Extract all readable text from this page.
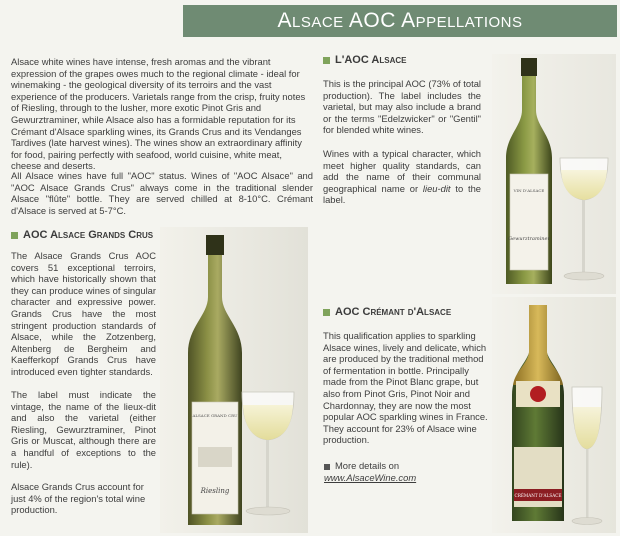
Alsace AOC Appellations

Alsace white wines have intense, fresh aromas and the vibrant expression of the grapes owes much to the regional climate - ideal for winemaking - the geological diversity of its terroirs and the vast experience of the producers. Varietals range from the crisp, fruity notes of Riesling, through to the lusher, more exotic Pinot Gris and Gewurztraminer, while Alsace also has a formidable reputation for its Crémant d'Alsace sparkling wines, its Grands Crus and its Vendanges Tardives (late harvest wines). The wines show an extraordinary affinity for food, pairing perfectly with seafood, world cuisine, white meat, cheese and deserts.

All Alsace wines have full "AOC" status. Wines of "AOC Alsace" and "AOC Alsace Grands Crus" always come in the traditional slender Alsace "flûte" bottle. They are served chilled at 8-10°C. Crémant d'Alsace is served at 5-7°C.

AOC Alsace Grands Crus

The Alsace Grands Crus AOC covers 51 exceptional terroirs, which have historically shown that they can produce wines of singular character and expressive power. Grands Crus have the most stringent production standards of Alsace, while the Zotzenberg, Altenberg de Bergheim and Kaefferkopf Grands Crus have introduced even tighter standards.

The label must indicate the vintage, the name of the lieux-dit and also the varietal (either Riesling, Gewurztraminer, Pinot Gris or Muscat, although there are a handful of exceptions to the rule).

Alsace Grands Crus account for just 4% of the region's total wine production.

ALSACE GRAND CRU
Riesling
L'AOC Alsace

This is the principal AOC (73% of total production). The label includes the varietal, but may also include a brand or the terms "Edelzwicker" or "Gentil" for blended white wines.

Wines with a typical character, which meet higher quality standards, can add the name of their communal geographical name or lieu-dit to the label.

VIN D'ALSACE
Gewurztraminer
AOC Crémant d'Alsace

This qualification applies to sparkling Alsace wines, lively and delicate, which are produced by the traditional method of fermentation in bottle. Principally made from the Pinot Blanc grape, but also from Pinot Gris, Pinot Noir and Chardonnay, they are now the most popular AOC sparkling wines in France. They account for 23% of Alsace wine production.

More details on
www.AlsaceWine.com
CRÉMANT D'ALSACE
